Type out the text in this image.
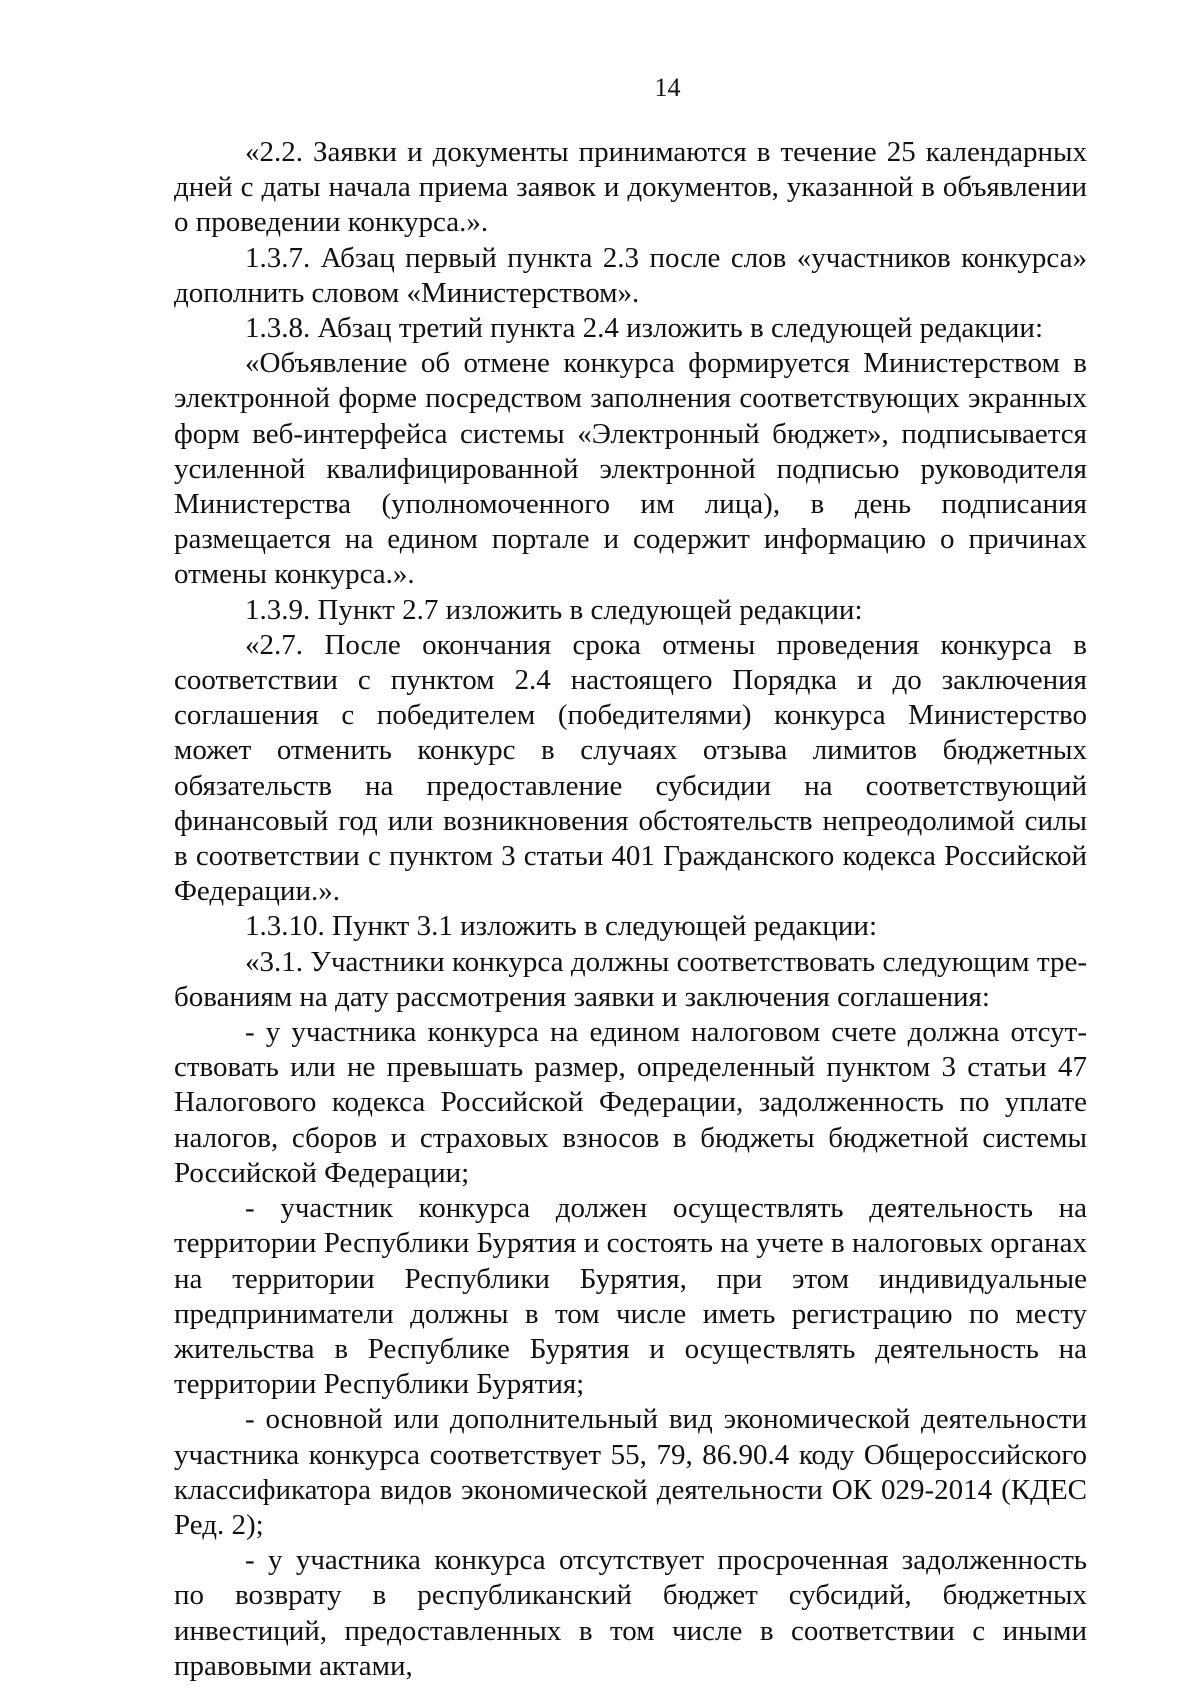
14

«2.2. Заявки и документы принимаются в течение 25 календарных дней с даты начала приема заявок и документов, указанной в объявлении о проведении конкурса.».

1.3.7. Абзац первый пункта 2.3 после слов «участников конкурса» дополнить словом «Министерством».

1.3.8. Абзац третий пункта 2.4 изложить в следующей редакции:

«Объявление об отмене конкурса формируется Министерством в электронной форме посредством заполнения соответствующих экранных форм веб-интерфейса системы «Электронный бюджет», подписывается усиленной квалифицированной электронной подписью руководителя Министерства (уполномоченного им лица), в день подписания размещается на едином портале и содержит информацию о причинах отмены конкурса.».

1.3.9. Пункт 2.7 изложить в следующей редакции:

«2.7. После окончания срока отмены проведения конкурса в соответствии с пунктом 2.4 настоящего Порядка и до заключения соглашения с победителем (победителями) конкурса Министерство может отменить конкурс в случаях отзыва лимитов бюджетных обязательств на предоставление субсидии на соответствующий финансовый год или возникновения обстоятельств непреодолимой силы в соответствии с пунктом 3 статьи 401 Гражданского кодекса Российской Федерации.».

1.3.10. Пункт 3.1 изложить в следующей редакции:

«3.1. Участники конкурса должны соответствовать следующим требованиям на дату рассмотрения заявки и заключения соглашения:

- у участника конкурса на едином налоговом счете должна отсутствовать или не превышать размер, определенный пунктом 3 статьи 47 Налогового кодекса Российской Федерации, задолженность по уплате налогов, сборов и страховых взносов в бюджеты бюджетной системы Российской Федерации;

- участник конкурса должен осуществлять деятельность на территории Республики Бурятия и состоять на учете в налоговых органах на территории Республики Бурятия, при этом индивидуальные предприниматели должны в том числе иметь регистрацию по месту жительства в Республике Бурятия и осуществлять деятельность на территории Республики Бурятия;

- основной или дополнительный вид экономической деятельности участника конкурса соответствует 55, 79, 86.90.4 коду Общероссийского классификатора видов экономической деятельности ОК 029-2014 (КДЕС Ред. 2);

- у участника конкурса отсутствует просроченная задолженность по возврату в республиканский бюджет субсидий, бюджетных инвестиций, предоставленных в том числе в соответствии с иными правовыми актами,
